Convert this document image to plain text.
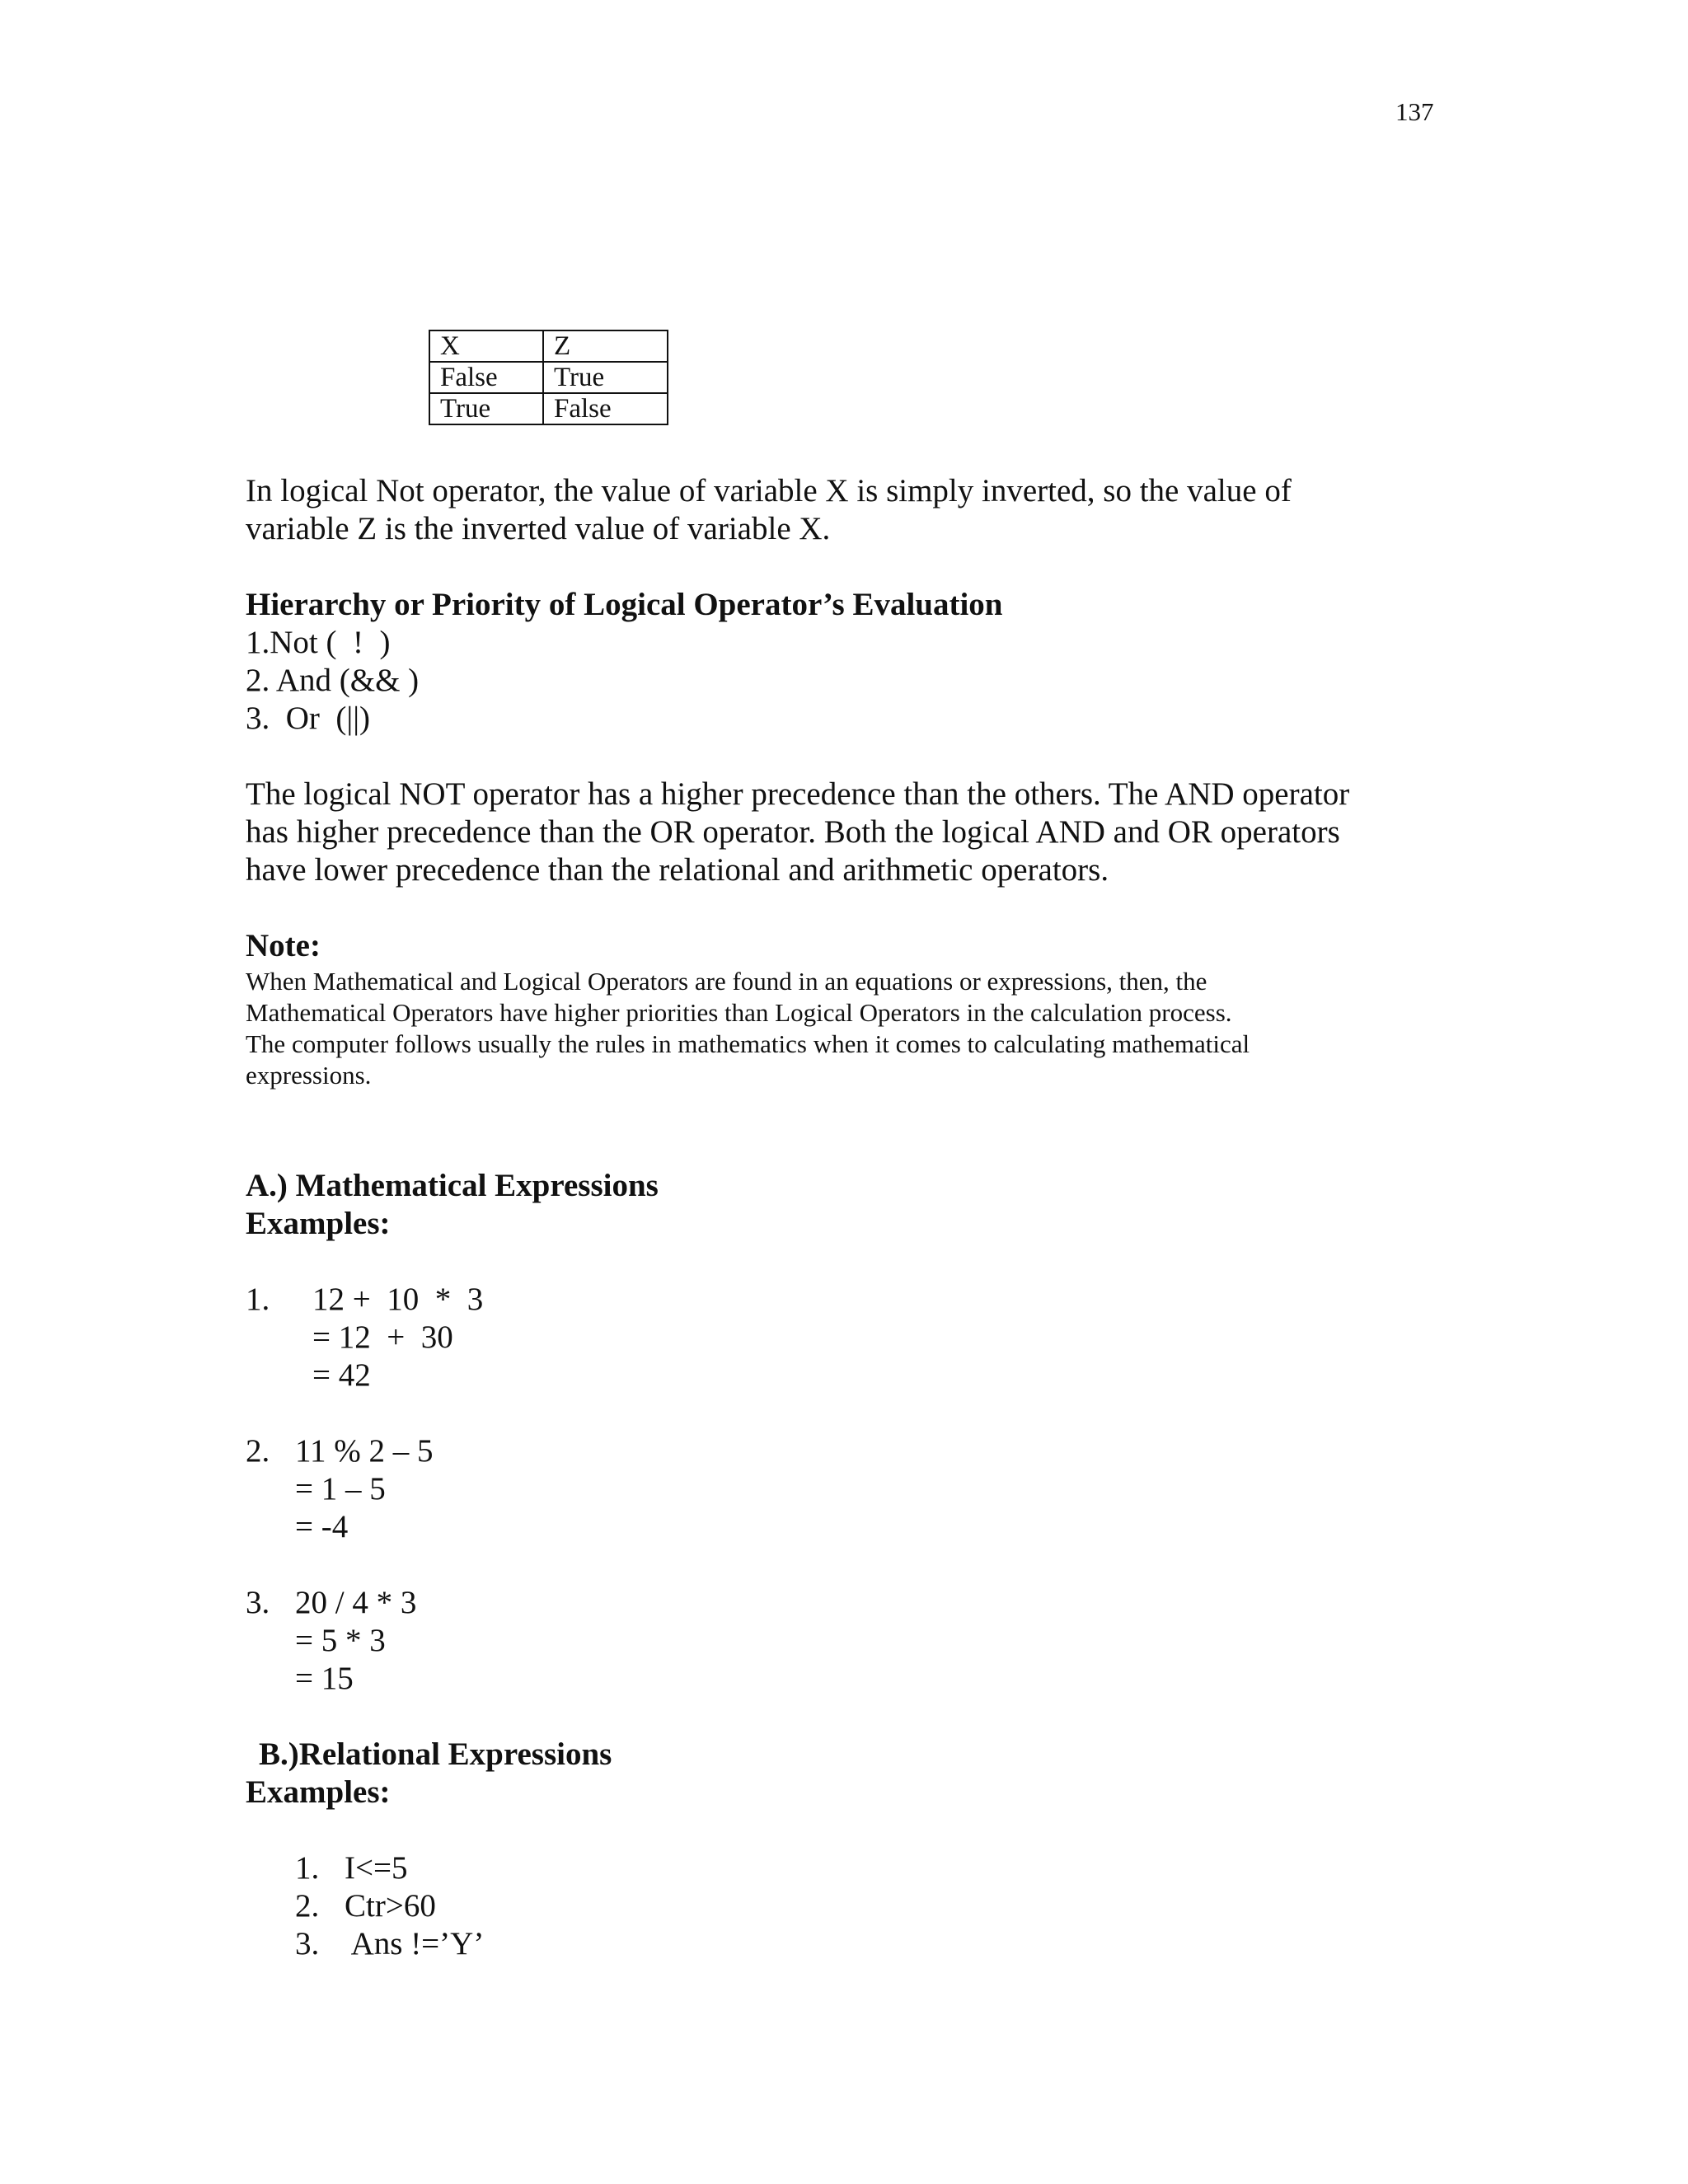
137
X	Z
False	True
True	False
In logical Not operator, the value of variable X is simply inverted, so the value of
variable Z is the inverted value of variable X.
Hierarchy or Priority of Logical Operator’s Evaluation
1.Not (  !  )
2. And (&& )
3.  Or  (||)
The logical NOT operator has a higher precedence than the others. The AND operator
has higher precedence than the OR operator. Both the logical AND and OR operators
have lower precedence than the relational and arithmetic operators.
Note:
When Mathematical and Logical Operators are found in an equations or expressions, then, the
Mathematical Operators have higher priorities than Logical Operators in the calculation process.
The computer follows usually the rules in mathematics when it comes to calculating mathematical
expressions.
A.) Mathematical Expressions
Examples:
1. 12 +  10  *  3
= 12  +  30
= 42
2. 11 % 2 – 5
= 1 – 5
= -4
3. 20 / 4 * 3
= 5 * 3
= 15
B.)Relational Expressions
Examples:
1. I<=5
2. Ctr>60
3. Ans !=’Y’
